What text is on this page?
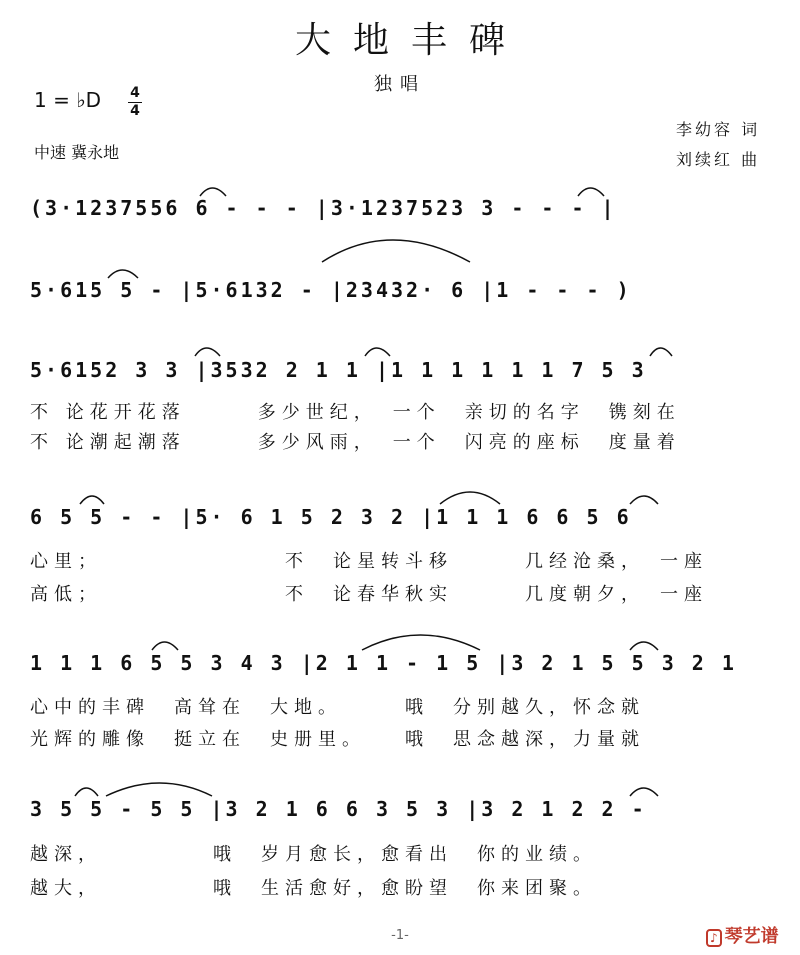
大地丰碑
独唱
1 = ♭D 4
4
中速 冀永地
李幼容 词
刘续红 曲
(3·1237556 6 - - - |3·1237523 3 - - - |
5·615 5 - |5·6132 - |23432· 6 |1 - - - )
5·6152 3 3 |3532 2 1 1 |1 1 1 1 1 1 7 5 3
不 论花开花落　　　多少世纪，　一个　亲切的名字　镌刻在
不 论潮起潮落　　　多少风雨，　一个　闪亮的座标　度量着
6 5 5 - - |5· 6 1 5 2 3 2 |1 1 1 6 6 5 6
心里；　　　　　　　　不　论星转斗移　　　几经沧桑，　一座
高低；　　　　　　　　不　论春华秋实　　　几度朝夕，　一座
1 1 1 6 5 5 3 4 3 |2 1 1 - 1 5 |3 2 1 5 5 3 2 1
心中的丰碑　高耸在　大地。　　　哦　分别越久，怀念就
光辉的雕像　挺立在　史册里。　　哦　思念越深，力量就
3 5 5 - 5 5 |3 2 1 6 6 3 5 3 |3 2 1 2 2 -
越深，　　　　　哦　岁月愈长，愈看出　你的业绩。
越大，　　　　　哦　生活愈好，愈盼望　你来团聚。
-1-	♪ 琴艺谱
